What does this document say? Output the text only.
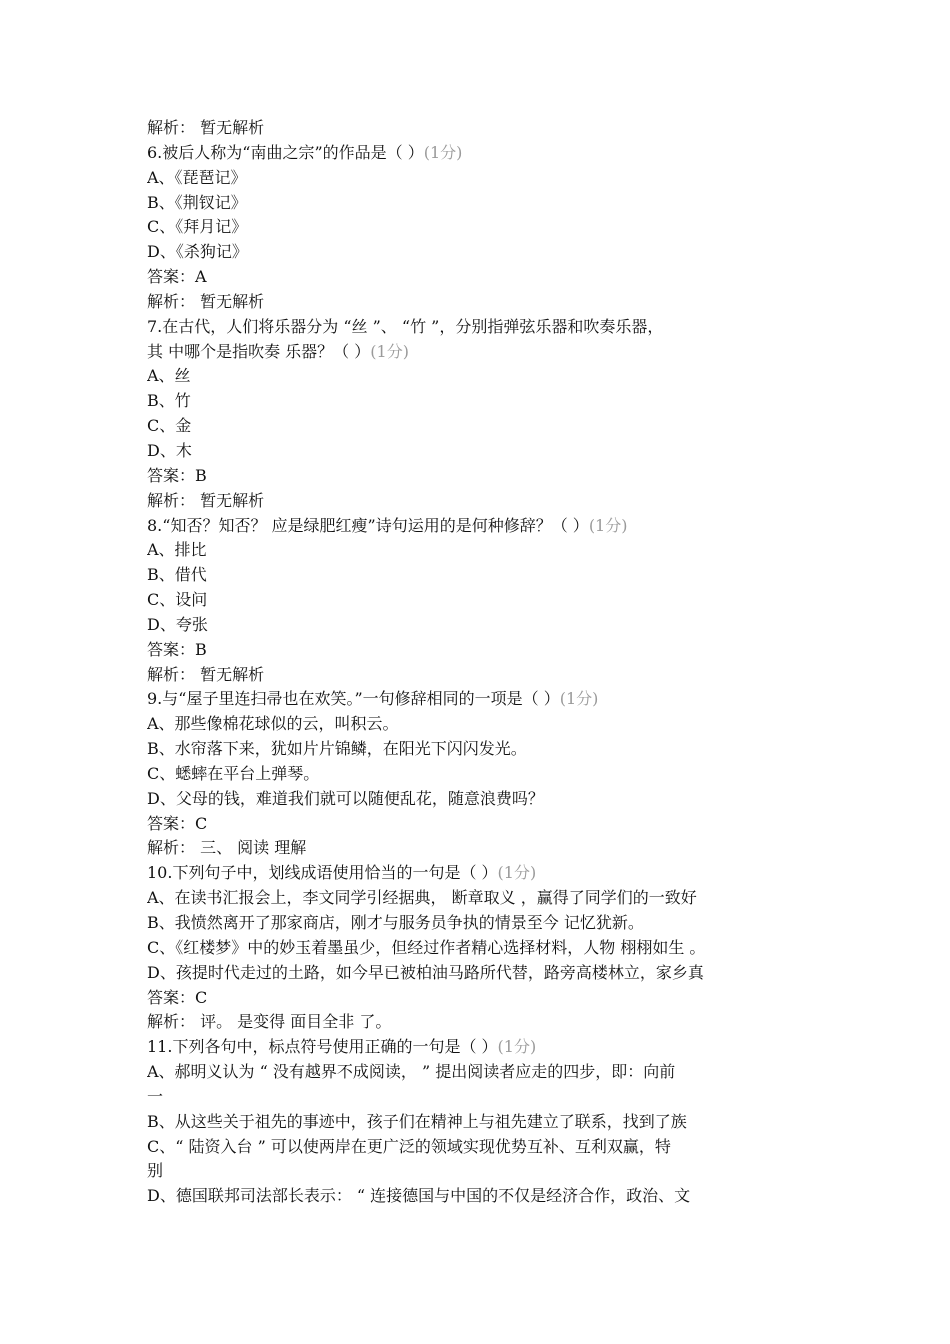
解析： 暂无解析
6.被后人称为“南曲之宗”的作品是（ ）(1分)
A、《琵琶记》
B、《荆钗记》
C、《拜月记》
D、《杀狗记》
答案：A
解析： 暂无解析
7.在古代，人们将乐器分为 “丝 ”、 “竹 ”，分别指弹弦乐器和吹奏乐器，
其 中哪个是指吹奏 乐器？（ ）(1分)
A、丝
B、竹
C、金
D、木
答案：B
解析： 暂无解析
8.“知否？知否？ 应是绿肥红瘦”诗句运用的是何种修辞？（ ）(1分)
A、排比
B、借代
C、设问
D、夸张
答案：B
解析： 暂无解析
9.与“屋子里连扫帚也在欢笑。”一句修辞相同的一项是（ ）(1分)
A、那些像棉花球似的云，叫积云。
B、水帘落下来，犹如片片锦鳞，在阳光下闪闪发光。
C、蟋蟀在平台上弹琴。
D、父母的钱，难道我们就可以随便乱花，随意浪费吗？
答案：C
解析： 三、 阅读 理解
10.下列句子中，划线成语使用恰当的一句是（ ）(1分)
A、在读书汇报会上，李文同学引经据典， 断章取义 ，赢得了同学们的一致好
B、我愤然离开了那家商店，刚才与服务员争执的情景至今 记忆犹新。
C、《红楼梦》中的妙玉着墨虽少，但经过作者精心选择材料，人物 栩栩如生 。
D、孩提时代走过的土路，如今早已被柏油马路所代替，路旁高楼林立，家乡真
答案：C
解析： 评。 是变得 面目全非 了。
11.下列各句中，标点符号使用正确的一句是（ ）(1分)
A、郝明义认为 “ 没有越界不成阅读， ” 提出阅读者应走的四步，即：向前
一
B、从这些关于祖先的事迹中，孩子们在精神上与祖先建立了联系，找到了族
C、“ 陆资入台 ” 可以使两岸在更广泛的领域实现优势互补、互利双赢，特
别
D、德国联邦司法部长表示： “ 连接德国与中国的不仅是经济合作，政治、文
